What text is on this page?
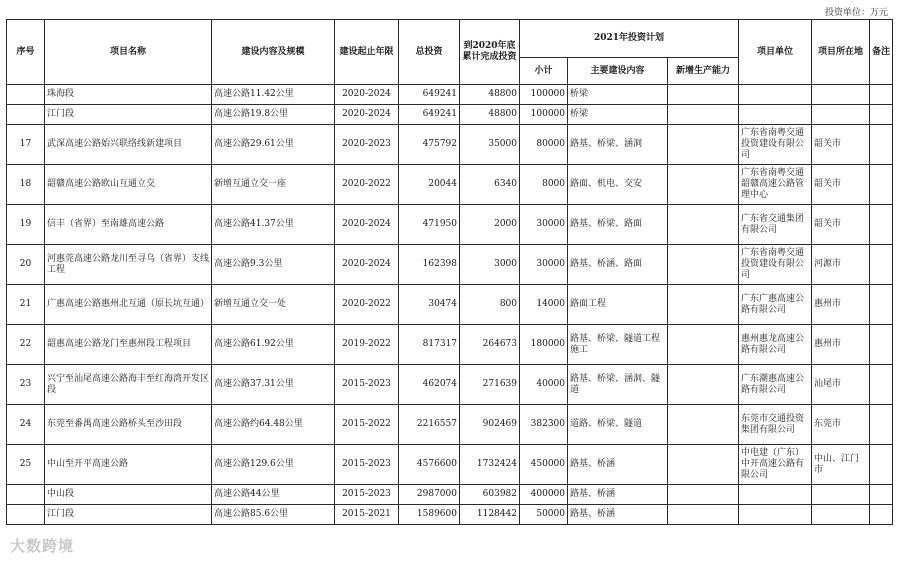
投资单位：万元
序号	项目名称	建设内容及规模	建设起止年限	总投资	到2020年底累计完成投资	2021年投资计划			项目单位	项目所在地	备注
						小计	主要建设内容	新增生产能力			
	珠海段	高速公路11.42公里	2020-2024	649241	48800	100000	桥梁				
	江门段	高速公路19.8公里	2020-2024	649241	48800	100000	桥梁				
17	武深高速公路始兴联络线新建项目	高速公路29.61公里	2020-2023	475792	35000	80000	路基、桥梁、涵洞		广东省南粤交通投资建设有限公司	韶关市	
18	韶赣高速公路欧山互通立交	新增互通立交一座	2020-2022	20044	6340	8000	路面、机电、交安		广东省南粤交通韶赣高速公路管理中心	韶关市	
19	信丰（省界）至南雄高速公路	高速公路41.37公里	2020-2024	471950	2000	30000	路基、桥梁、路面		广东省交通集团有限公司	韶关市	
20	河惠莞高速公路龙川至寻乌（省界）支线工程	高速公路9.3公里	2020-2024	162398	3000	30000	路基、桥涵、路面		广东省南粤交通投资建设有限公司	河源市	
21	广惠高速公路惠州北互通（原长坑互通）	新增互通立交一处	2020-2022	30474	800	14000	路面工程		广东广惠高速公路有限公司	惠州市	
22	韶惠高速公路龙门至惠州段工程项目	高速公路61.92公里	2019-2022	817317	264673	180000	路基、桥梁、隧道工程施工		惠州惠龙高速公路有限公司	惠州市	
23	兴宁至汕尾高速公路海丰至红海湾开发区段	高速公路37.31公里	2015-2023	462074	271639	40000	路基、桥梁、涵洞、隧道		广东潮惠高速公路有限公司	汕尾市	
24	东莞至番禺高速公路桥头至沙田段	高速公路约64.48公里	2015-2022	2216557	902469	382300	道路、桥梁、隧道		东莞市交通投资集团有限公司	东莞市	
25	中山至开平高速公路	高速公路129.6公里	2015-2023	4576600	1732424	450000	路基、桥涵		中电建（广东）中开高速公路有限公司	中山、江门市	
	中山段	高速公路44公里	2015-2023	2987000	603982	400000	路基、桥涵				
	江门段	高速公路85.6公里	2015-2021	1589600	1128442	50000	路基、桥涵				
大数跨境
